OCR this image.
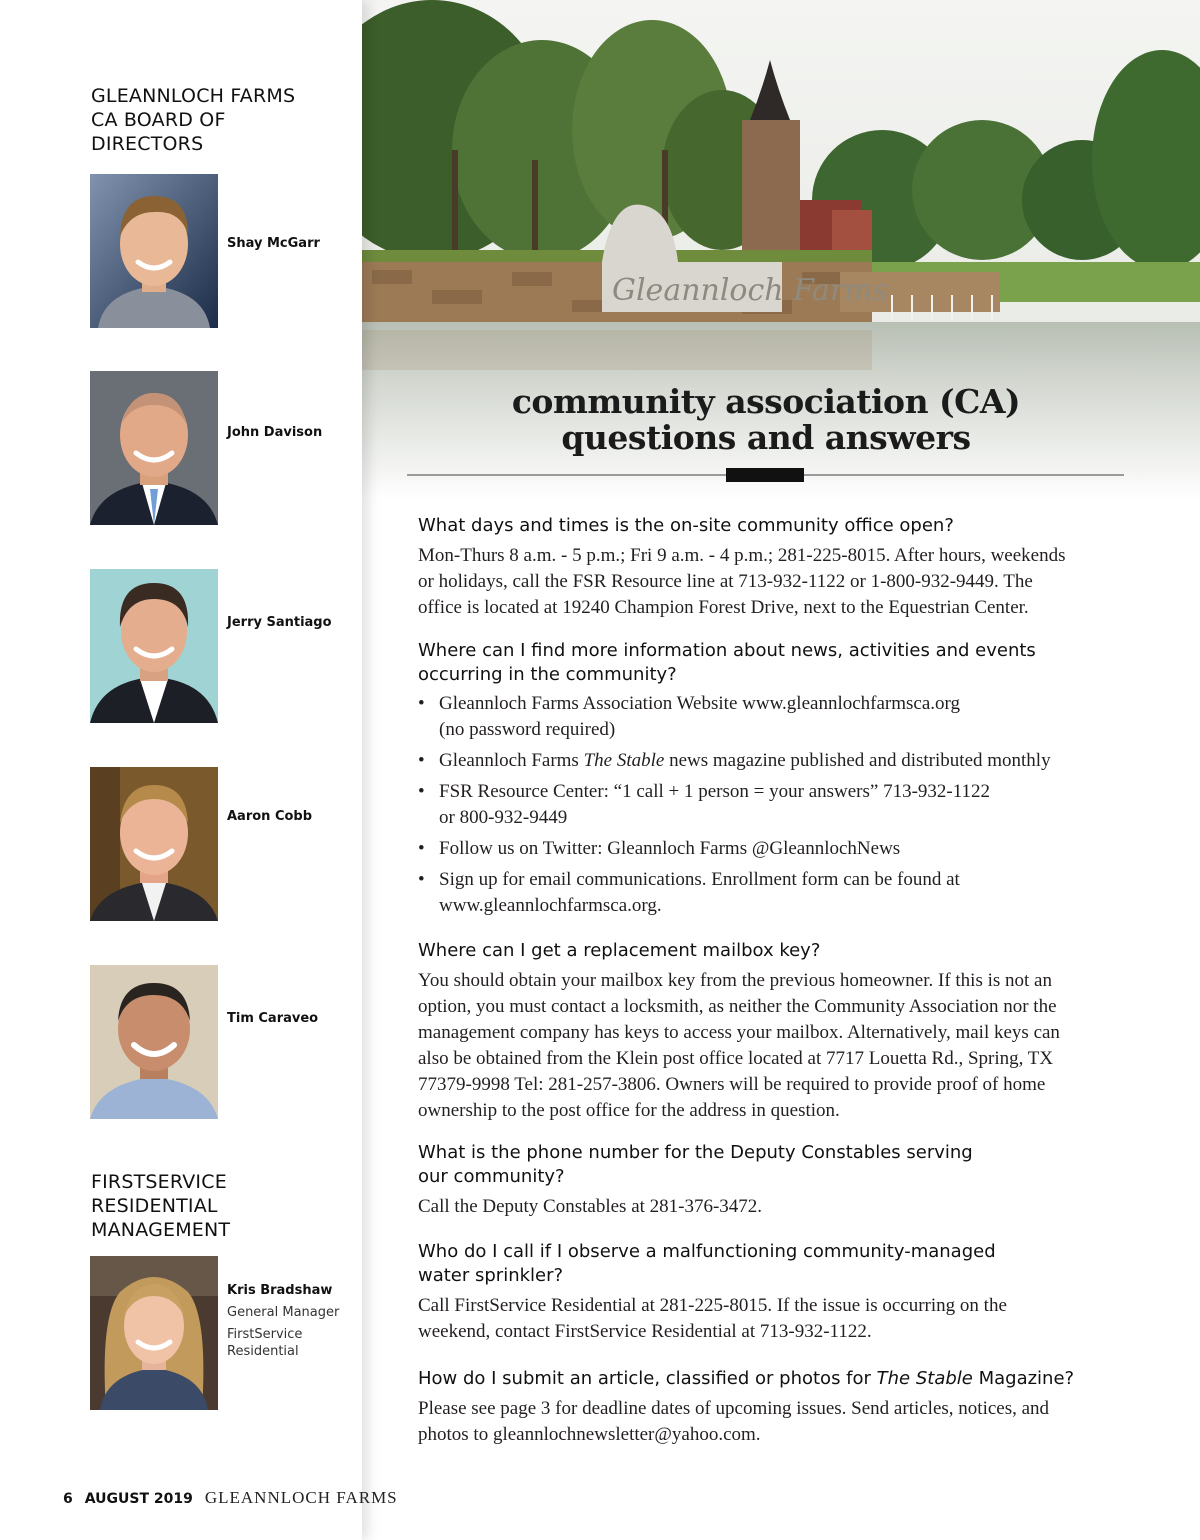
GLEANNLOCH FARMS
CA BOARD OF
DIRECTORS
Shay McGarr
John Davison
Jerry Santiago
Aaron Cobb
Tim Caraveo
FIRSTSERVICE
RESIDENTIAL
MANAGEMENT
Kris Bradshaw
General Manager
FirstService
Residential
Gleannloch Farms
community association (CA)
questions and answers
What days and times is the on-site community office open?
Mon-Thurs 8 a.m. - 5 p.m.; Fri 9 a.m. - 4 p.m.; 281-225-8015. After hours, weekends
or holidays, call the FSR Resource line at 713-932-1122 or 1-800-932-9449. The
office is located at 19240 Champion Forest Drive, next to the Equestrian Center.
Where can I find more information about news, activities and events
occurring in the community?
• Gleannloch Farms Association Website www.gleannlochfarmsca.org
(no password required)
• Gleannloch Farms The Stable news magazine published and distributed monthly
• FSR Resource Center: “1 call + 1 person = your answers” 713-932-1122
or 800-932-9449
• Follow us on Twitter: Gleannloch Farms @GleannlochNews
• Sign up for email communications. Enrollment form can be found at
www.gleannlochfarmsca.org.
Where can I get a replacement mailbox key?
You should obtain your mailbox key from the previous homeowner. If this is not an
option, you must contact a locksmith, as neither the Community Association nor the
management company has keys to access your mailbox. Alternatively, mail keys can
also be obtained from the Klein post office located at 7717 Louetta Rd., Spring, TX
77379-9998 Tel: 281-257-3806. Owners will be required to provide proof of home
ownership to the post office for the address in question.
What is the phone number for the Deputy Constables serving
our community?
Call the Deputy Constables at 281-376-3472.
Who do I call if I observe a malfunctioning community-managed
water sprinkler?
Call FirstService Residential at 281-225-8015. If the issue is occurring on the
weekend, contact FirstService Residential at 713-932-1122.
How do I submit an article, classified or photos for The Stable Magazine?
Please see page 3 for deadline dates of upcoming issues. Send articles, notices, and
photos to gleannlochnewsletter@yahoo.com.
6 AUGUST 2019 GLEANNLOCH FARMS
